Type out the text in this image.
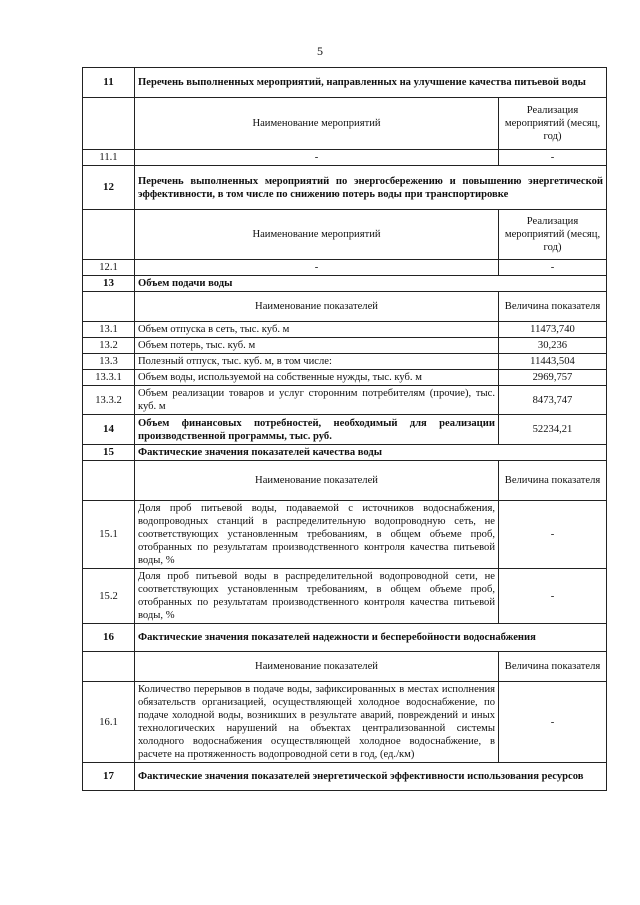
5
11	Перечень выполненных мероприятий, направленных на улучшение качества питьевой воды	
	Наименование мероприятий	Реализация мероприятий (месяц, год)
11.1	-	-
12	Перечень выполненных мероприятий по энергосбережению и повышению энергетической эффективности, в том числе по снижению потерь воды при транспортировке	
	Наименование мероприятий	Реализация мероприятий (месяц, год)
12.1	-	-
13	Объем подачи воды	
	Наименование показателей	Величина показателя
13.1	Объем отпуска в сеть, тыс. куб. м	11473,740
13.2	Объем потерь, тыс. куб. м	30,236
13.3	Полезный отпуск, тыс. куб. м, в том числе:	11443,504
13.3.1	Объем воды, используемой на собственные нужды, тыс. куб. м	2969,757
13.3.2	Объем реализации товаров и услуг сторонним потребителям (прочие), тыс. куб. м	8473,747
14	Объем финансовых потребностей, необходимый для реализации производственной программы, тыс. руб.	52234,21
15	Фактические значения показателей качества воды	
	Наименование показателей	Величина показателя
15.1	Доля проб питьевой воды, подаваемой с источников водоснабжения, водопроводных станций в распределительную водопроводную сеть, не соответствующих установленным требованиям, в общем объеме проб, отобранных по результатам производственного контроля качества питьевой воды, %	-
15.2	Доля проб питьевой воды в распределительной водопроводной сети, не соответствующих установленным требованиям, в общем объеме проб, отобранных по результатам производственного контроля качества питьевой воды, %	-
16	Фактические значения показателей надежности и бесперебойности водоснабжения	
	Наименование показателей	Величина показателя
16.1	Количество перерывов в подаче воды, зафиксированных в местах исполнения обязательств организацией, осуществляющей холодное водоснабжение, по подаче холодной воды, возникших в результате аварий, повреждений и иных технологических нарушений на объектах централизованной системы холодного водоснабжения осуществляющей холодное водоснабжение, в расчете на протяженность водопроводной сети в год, (ед./км)	-
17	Фактические значения показателей энергетической эффективности использования ресурсов	
